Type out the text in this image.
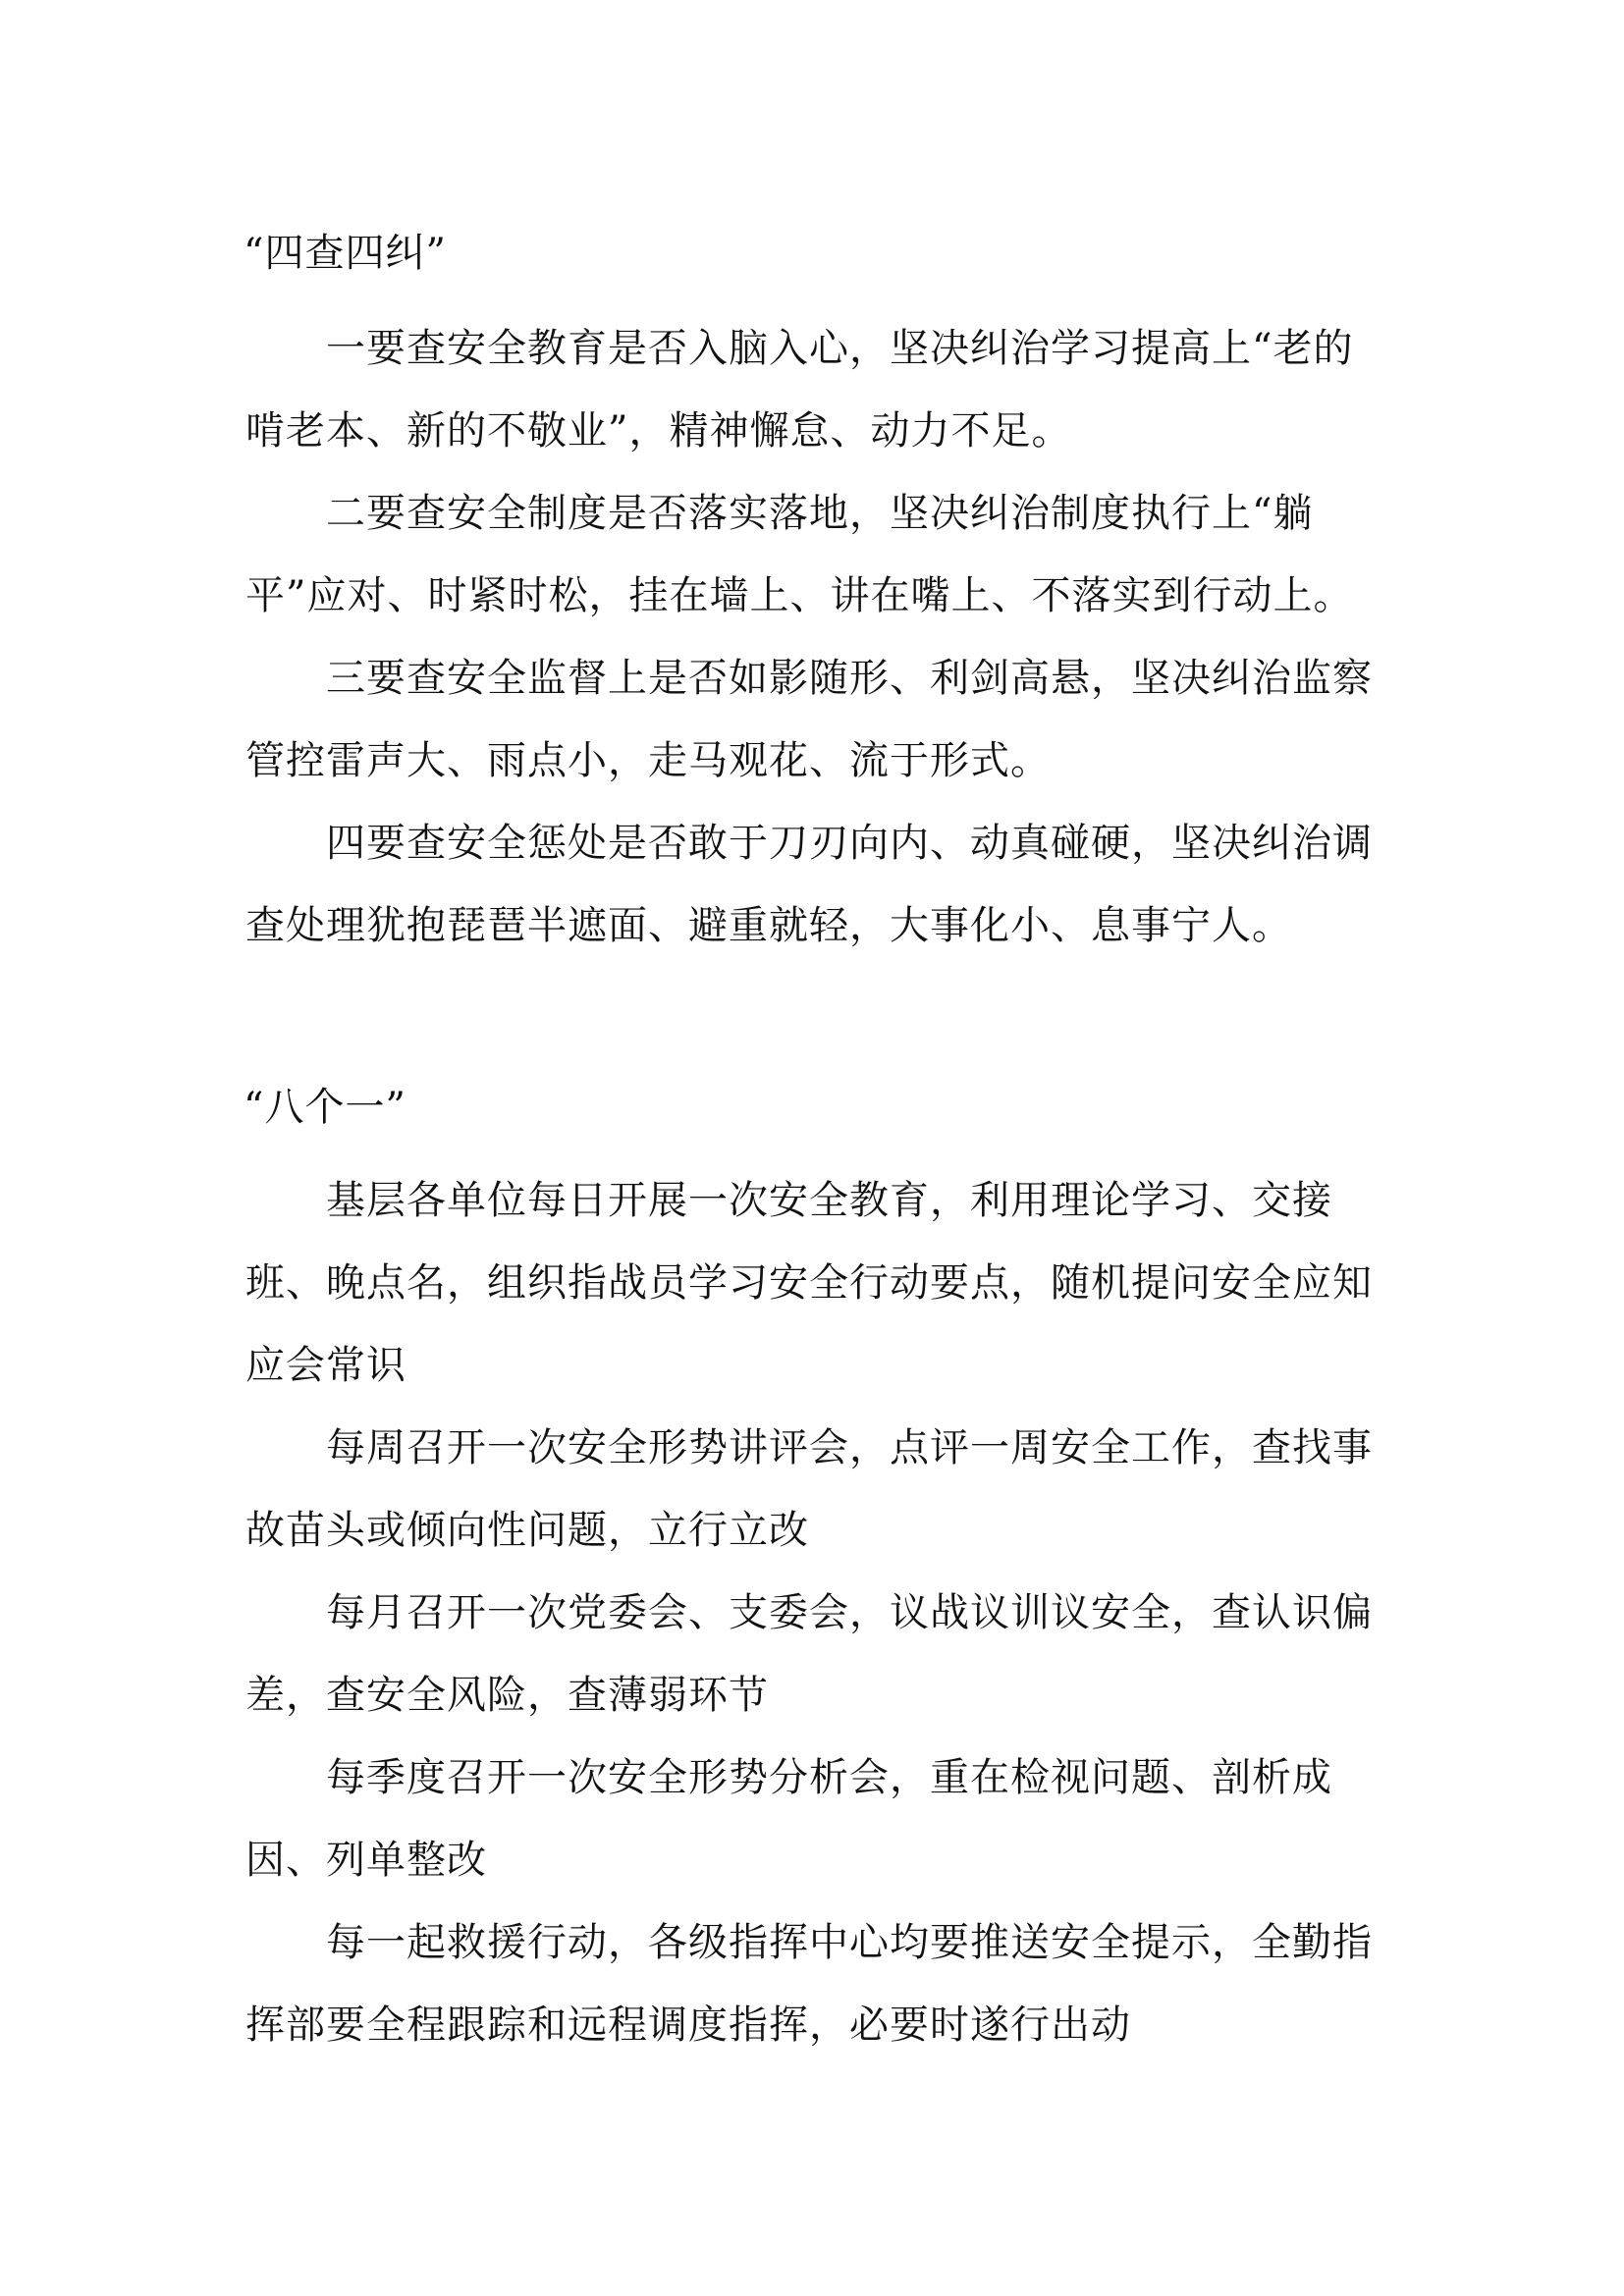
“四查四纠”

一要查安全教育是否入脑入心，坚决纠治学习提高上“老的啃老本、新的不敬业”，精神懈怠、动力不足。

二要查安全制度是否落实落地，坚决纠治制度执行上“躺平”应对、时紧时松，挂在墙上、讲在嘴上、不落实到行动上。

三要查安全监督上是否如影随形、利剑高悬，坚决纠治监察管控雷声大、雨点小，走马观花、流于形式。

四要查安全惩处是否敢于刀刃向内、动真碰硬，坚决纠治调查处理犹抱琵琶半遮面、避重就轻，大事化小、息事宁人。

“八个一”

基层各单位每日开展一次安全教育，利用理论学习、交接班、晚点名，组织指战员学习安全行动要点，随机提问安全应知应会常识

每周召开一次安全形势讲评会，点评一周安全工作，查找事故苗头或倾向性问题，立行立改

每月召开一次党委会、支委会，议战议训议安全，查认识偏差，查安全风险，查薄弱环节

每季度召开一次安全形势分析会，重在检视问题、剖析成因、列单整改

每一起救援行动，各级指挥中心均要推送安全提示，全勤指挥部要全程跟踪和远程调度指挥，必要时遂行出动
